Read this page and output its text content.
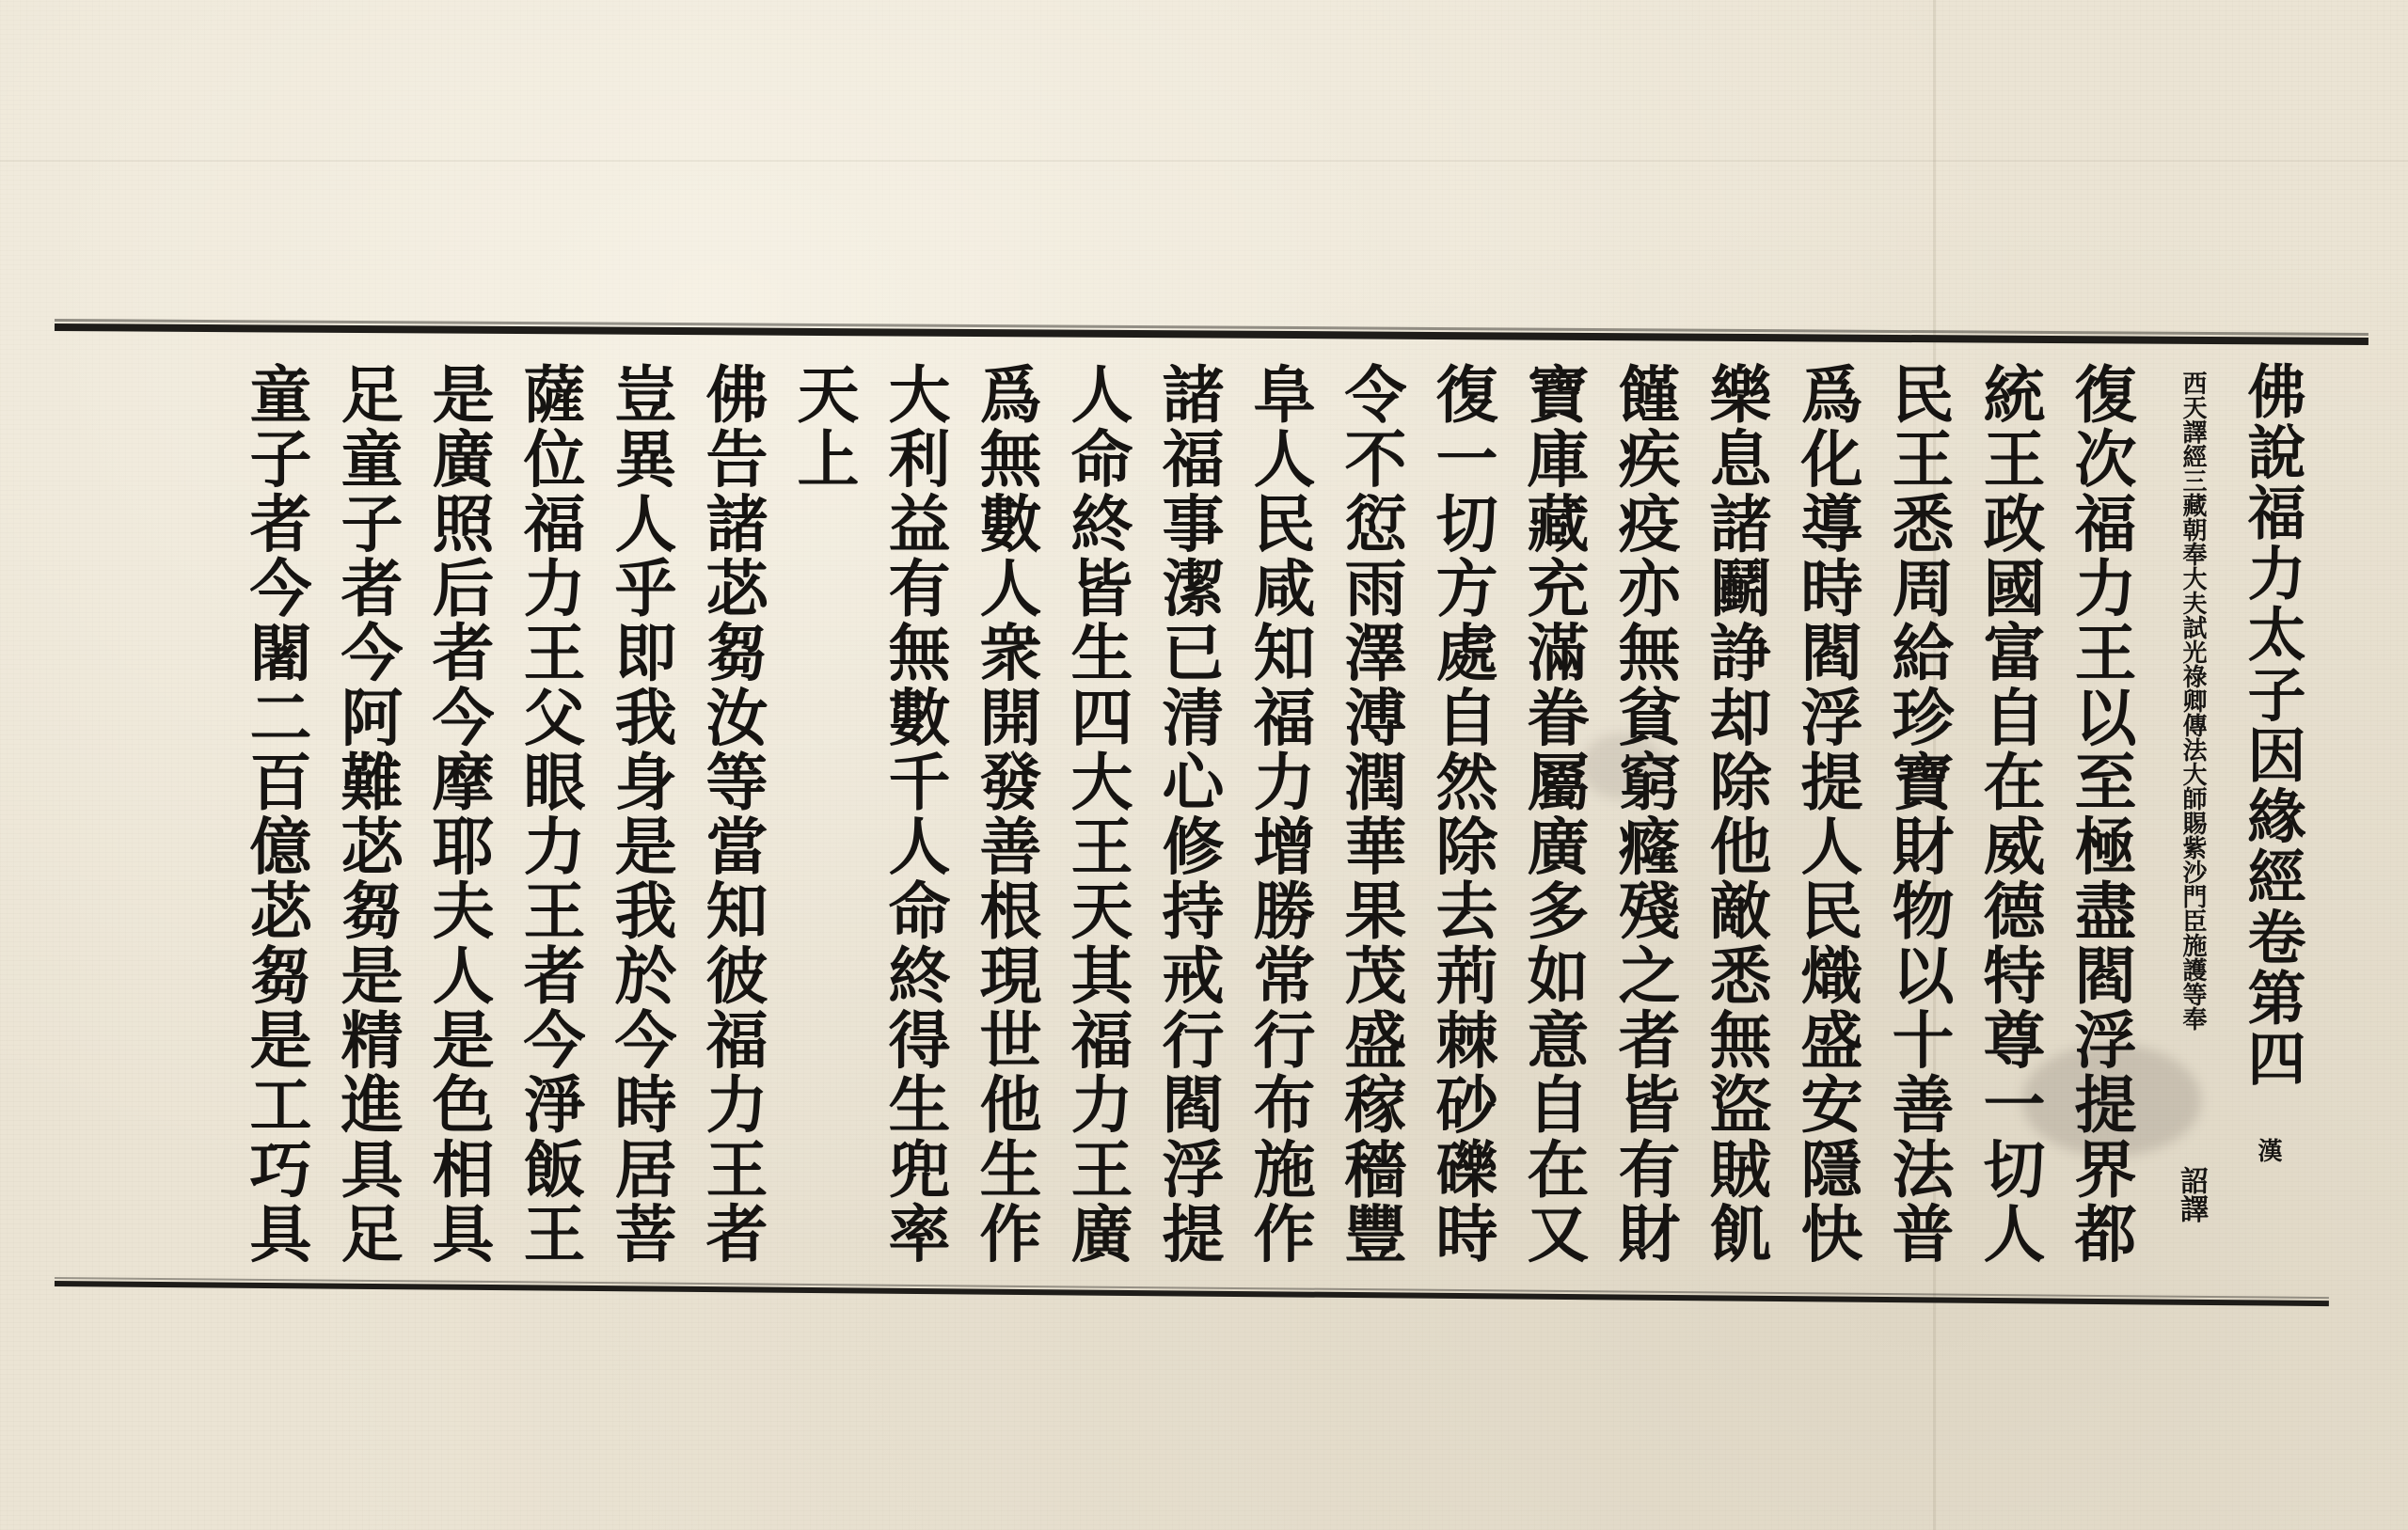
佛說福力太子因緣經卷第四
漢
西天譯經三藏朝奉大夫試光祿卿傳法大師賜紫沙門臣施護等奉
詔譯
復次福力王以至極盡閻浮提界都
統王政國富自在威德特尊一切人
民王悉周給珍寶財物以十善法普
爲化導時閻浮提人民熾盛安隱快
樂息諸鬬諍却除他敵悉無盜賊飢
饉疾疫亦無貧窮癃殘之者皆有財
寶庫藏充滿眷屬廣多如意自在又
復一切方處自然除去荊棘砂礫時
令不愆雨澤溥潤華果茂盛稼穡豐
阜人民咸知福力增勝常行布施作
諸福事潔已清心修持戒行閻浮提
人命終皆生四大王天其福力王廣
爲無數人衆開發善根現世他生作
大利益有無數千人命終得生兜率
天上
佛告諸苾芻汝等當知彼福力王者
豈異人乎即我身是我於今時居菩
薩位福力王父眼力王者今淨飯王
是廣照后者今摩耶夫人是色相具
足童子者今阿難苾芻是精進具足
童子者今闍二百億苾芻是工巧具
